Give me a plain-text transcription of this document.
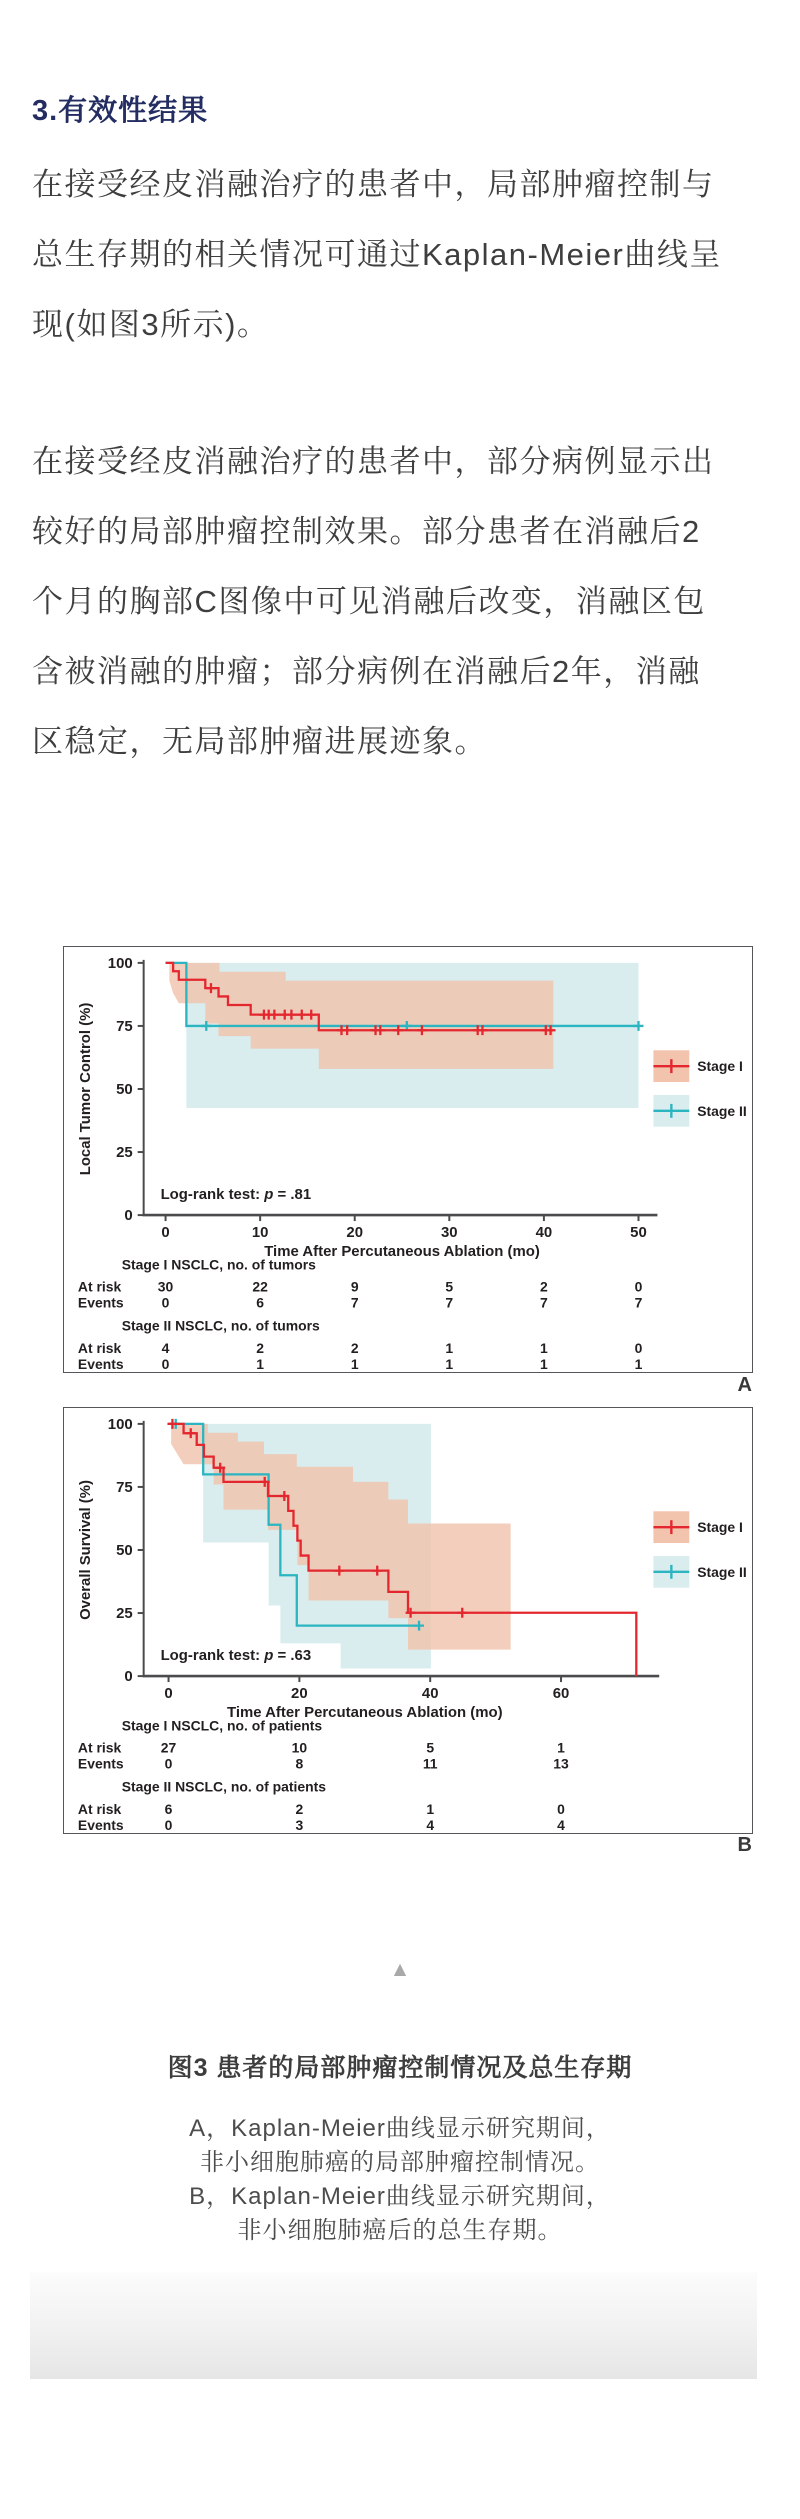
3.有效性结果
在接受经皮消融治疗的患者中，局部肿瘤控制与
总生存期的相关情况可通过Kaplan-Meier曲线呈
现(如图3所示)。
在接受经皮消融治疗的患者中，部分病例显示出
较好的局部肿瘤控制效果。部分患者在消融后2
个月的胸部C图像中可见消融后改变，消融区包
含被消融的肿瘤；部分病例在消融后2年，消融
区稳定，无局部肿瘤进展迹象。
0
25
50
75
100
0	10	20	30	40	50
Local Tumor Control (%)
Time After Percutaneous Ablation (mo)
Log-rank test: p = .81
Stage I
Stage II
Stage I NSCLC, no. of tumors
At risk	30	22	9	5	2	0
Events	0	6	7	7	7	7
Stage II NSCLC, no. of tumors
At risk	4	2	2	1	1	0
Events	0	1	1	1	1	1
A
0
25
50
75
100
0	20	40	60
Overall Survival (%)
Time After Percutaneous Ablation (mo)
Log-rank test: p = .63
Stage I
Stage II
Stage I NSCLC, no. of patients
At risk	27	10	5	1
Events	0	8	11	13
Stage II NSCLC, no. of patients
At risk	6	2	1	0
Events	0	3	4	4
B
▲
图3 患者的局部肿瘤控制情况及总生存期
A，Kaplan-Meier曲线显示研究期间，
非小细胞肺癌的局部肿瘤控制情况。
B，Kaplan-Meier曲线显示研究期间，
非小细胞肺癌后的总生存期。
